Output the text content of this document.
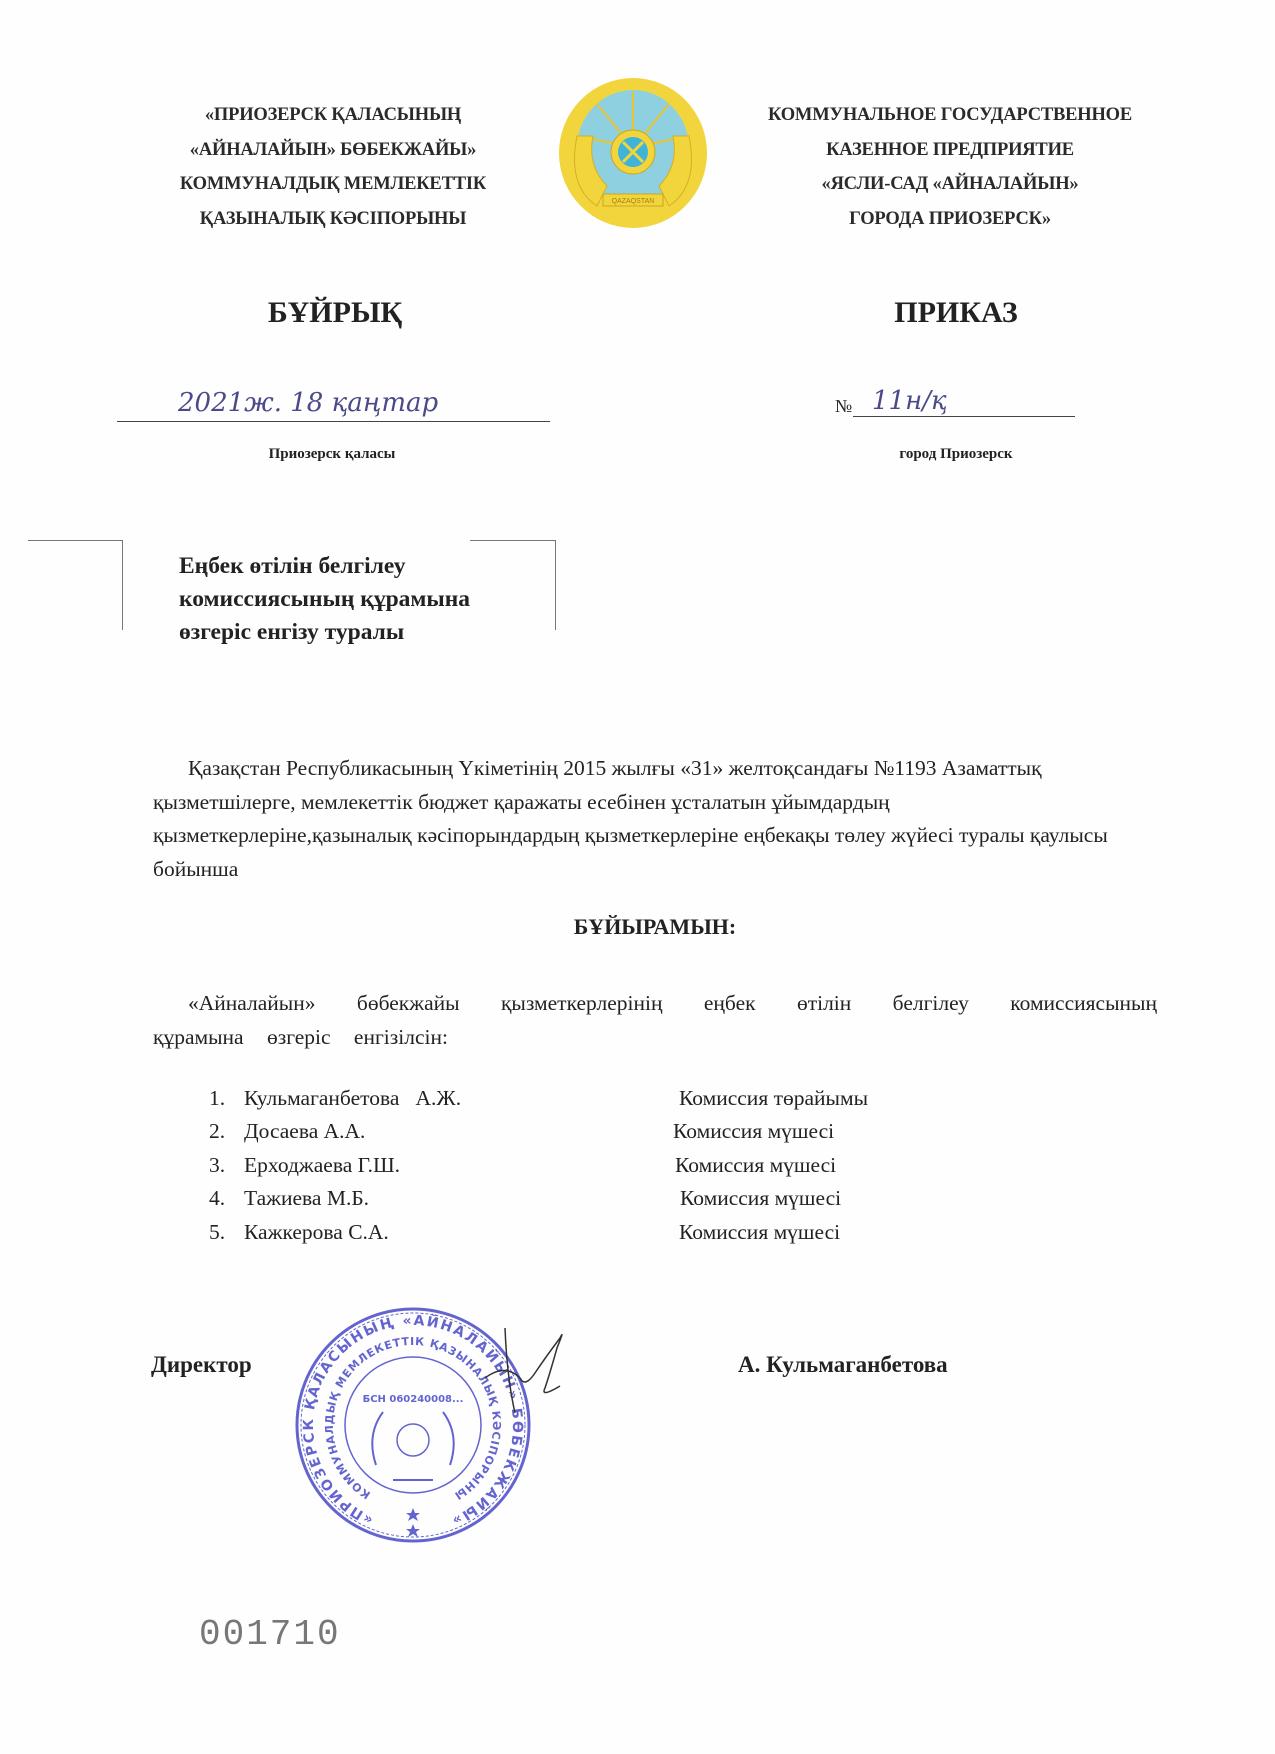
«ПРИОЗЕРСК ҚАЛАСЫНЫҢ
«АЙНАЛАЙЫН» БӨБЕКЖАЙЫ»
КОММУНАЛДЫҚ МЕМЛЕКЕТТІК
ҚАЗЫНАЛЫҚ КӘСІПОРЫНЫ
QAZAQSTAN
КОММУНАЛЬНОЕ ГОСУДАРСТВЕННОЕ
КАЗЕННОЕ ПРЕДПРИЯТИЕ
«ЯСЛИ-САД «АЙНАЛАЙЫН»
ГОРОДА ПРИОЗЕРСК»
БҰЙРЫҚ	ПРИКАЗ
2021ж. 18 қаңтар	№ 11н/қ
Приозерск қаласы	город Приозерск
Еңбек өтілін белгілеу
комиссиясының құрамына
өзгеріс енгізу туралы
Қазақстан Республикасының Үкіметінің 2015 жылғы «31» желтоқсандағы №1193 Азаматтық қызметшілерге, мемлекеттік бюджет қаражаты есебінен ұсталатын ұйымдардың қызметкерлеріне,қазыналық кәсіпорындардың қызметкерлеріне еңбекақы төлеу жүйесі туралы қаулысы бойынша
БҰЙЫРАМЫН:
«Айналайын» бөбекжайы қызметкерлерінің еңбек өтілін белгілеу комиссиясының құрамына өзгеріс енгізілсін:
1. Кульмаганбетова   А.Ж.	Комиссия төрайымы
2. Досаева А.А.	Комиссия мүшесі
3. Ерходжаева Г.Ш.	Комиссия мүшесі
4. Тажиева М.Б.	Комиссия мүшесі
5. Кажкерова С.А.	Комиссия мүшесі
Директор	А. Кульмаганбетова
«ПРИОЗЕРСК ҚАЛАСЫНЫҢ «АЙНАЛАЙЫН» БӨБЕКЖАЙЫ»
КОММУНАЛДЫҚ МЕМЛЕКЕТТІК ҚАЗЫНАЛЫҚ КӘСІПОРЫНЫ
БСН 060240008...
001710
